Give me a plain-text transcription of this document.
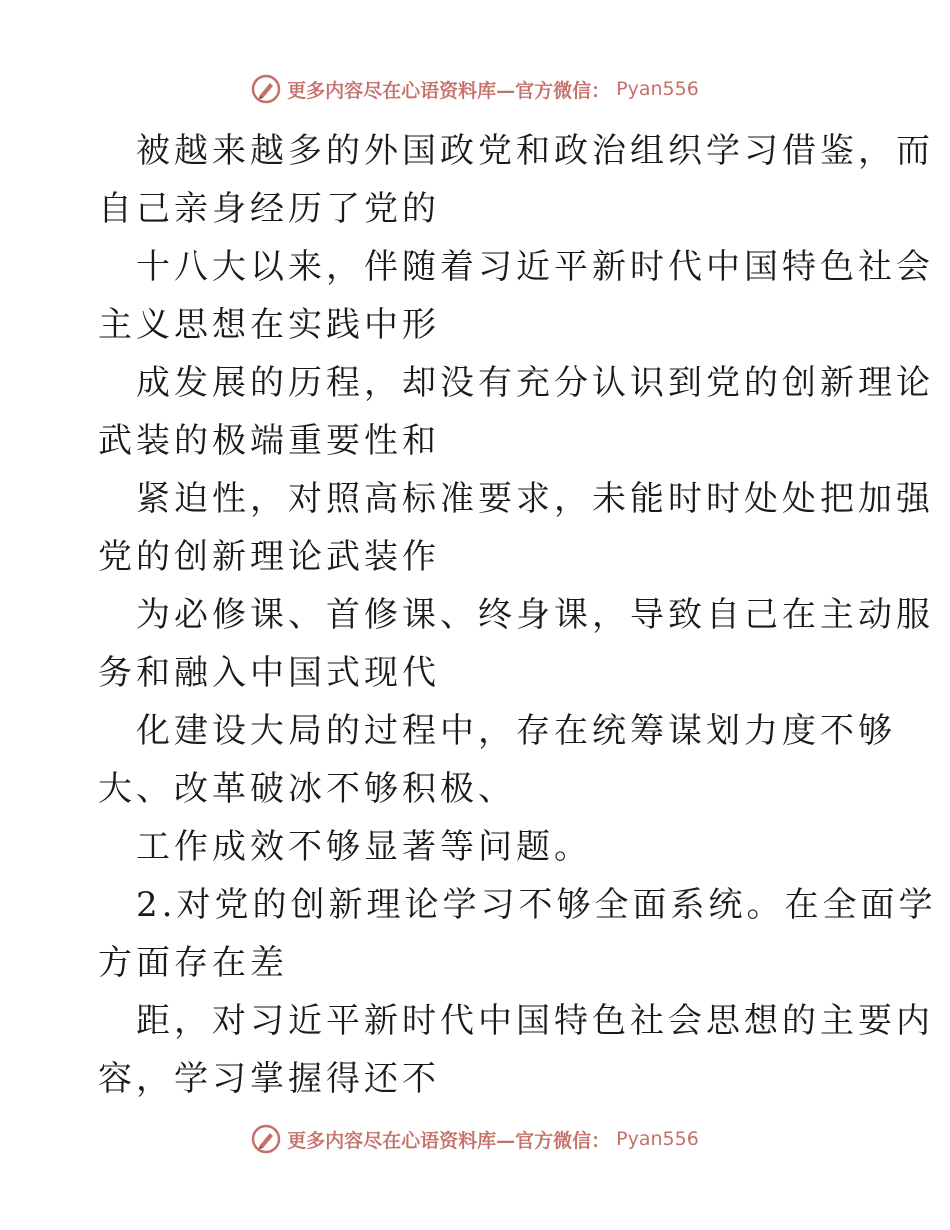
更多内容尽在心语资料库—官方微信： Pyan556
被越来越多的外国政党和政治组织学习借鉴，而
自己亲身经历了党的
十八大以来，伴随着习近平新时代中国特色社会
主义思想在实践中形
成发展的历程，却没有充分认识到党的创新理论
武装的极端重要性和
紧迫性，对照高标准要求，未能时时处处把加强
党的创新理论武装作
为必修课、首修课、终身课，导致自己在主动服
务和融入中国式现代
化建设大局的过程中，存在统筹谋划力度不够
大、改革破冰不够积极、
工作成效不够显著等问题。
2.对党的创新理论学习不够全面系统。在全面学
方面存在差
距，对习近平新时代中国特色社会思想的主要内
容，学习掌握得还不
更多内容尽在心语资料库—官方微信： Pyan556
